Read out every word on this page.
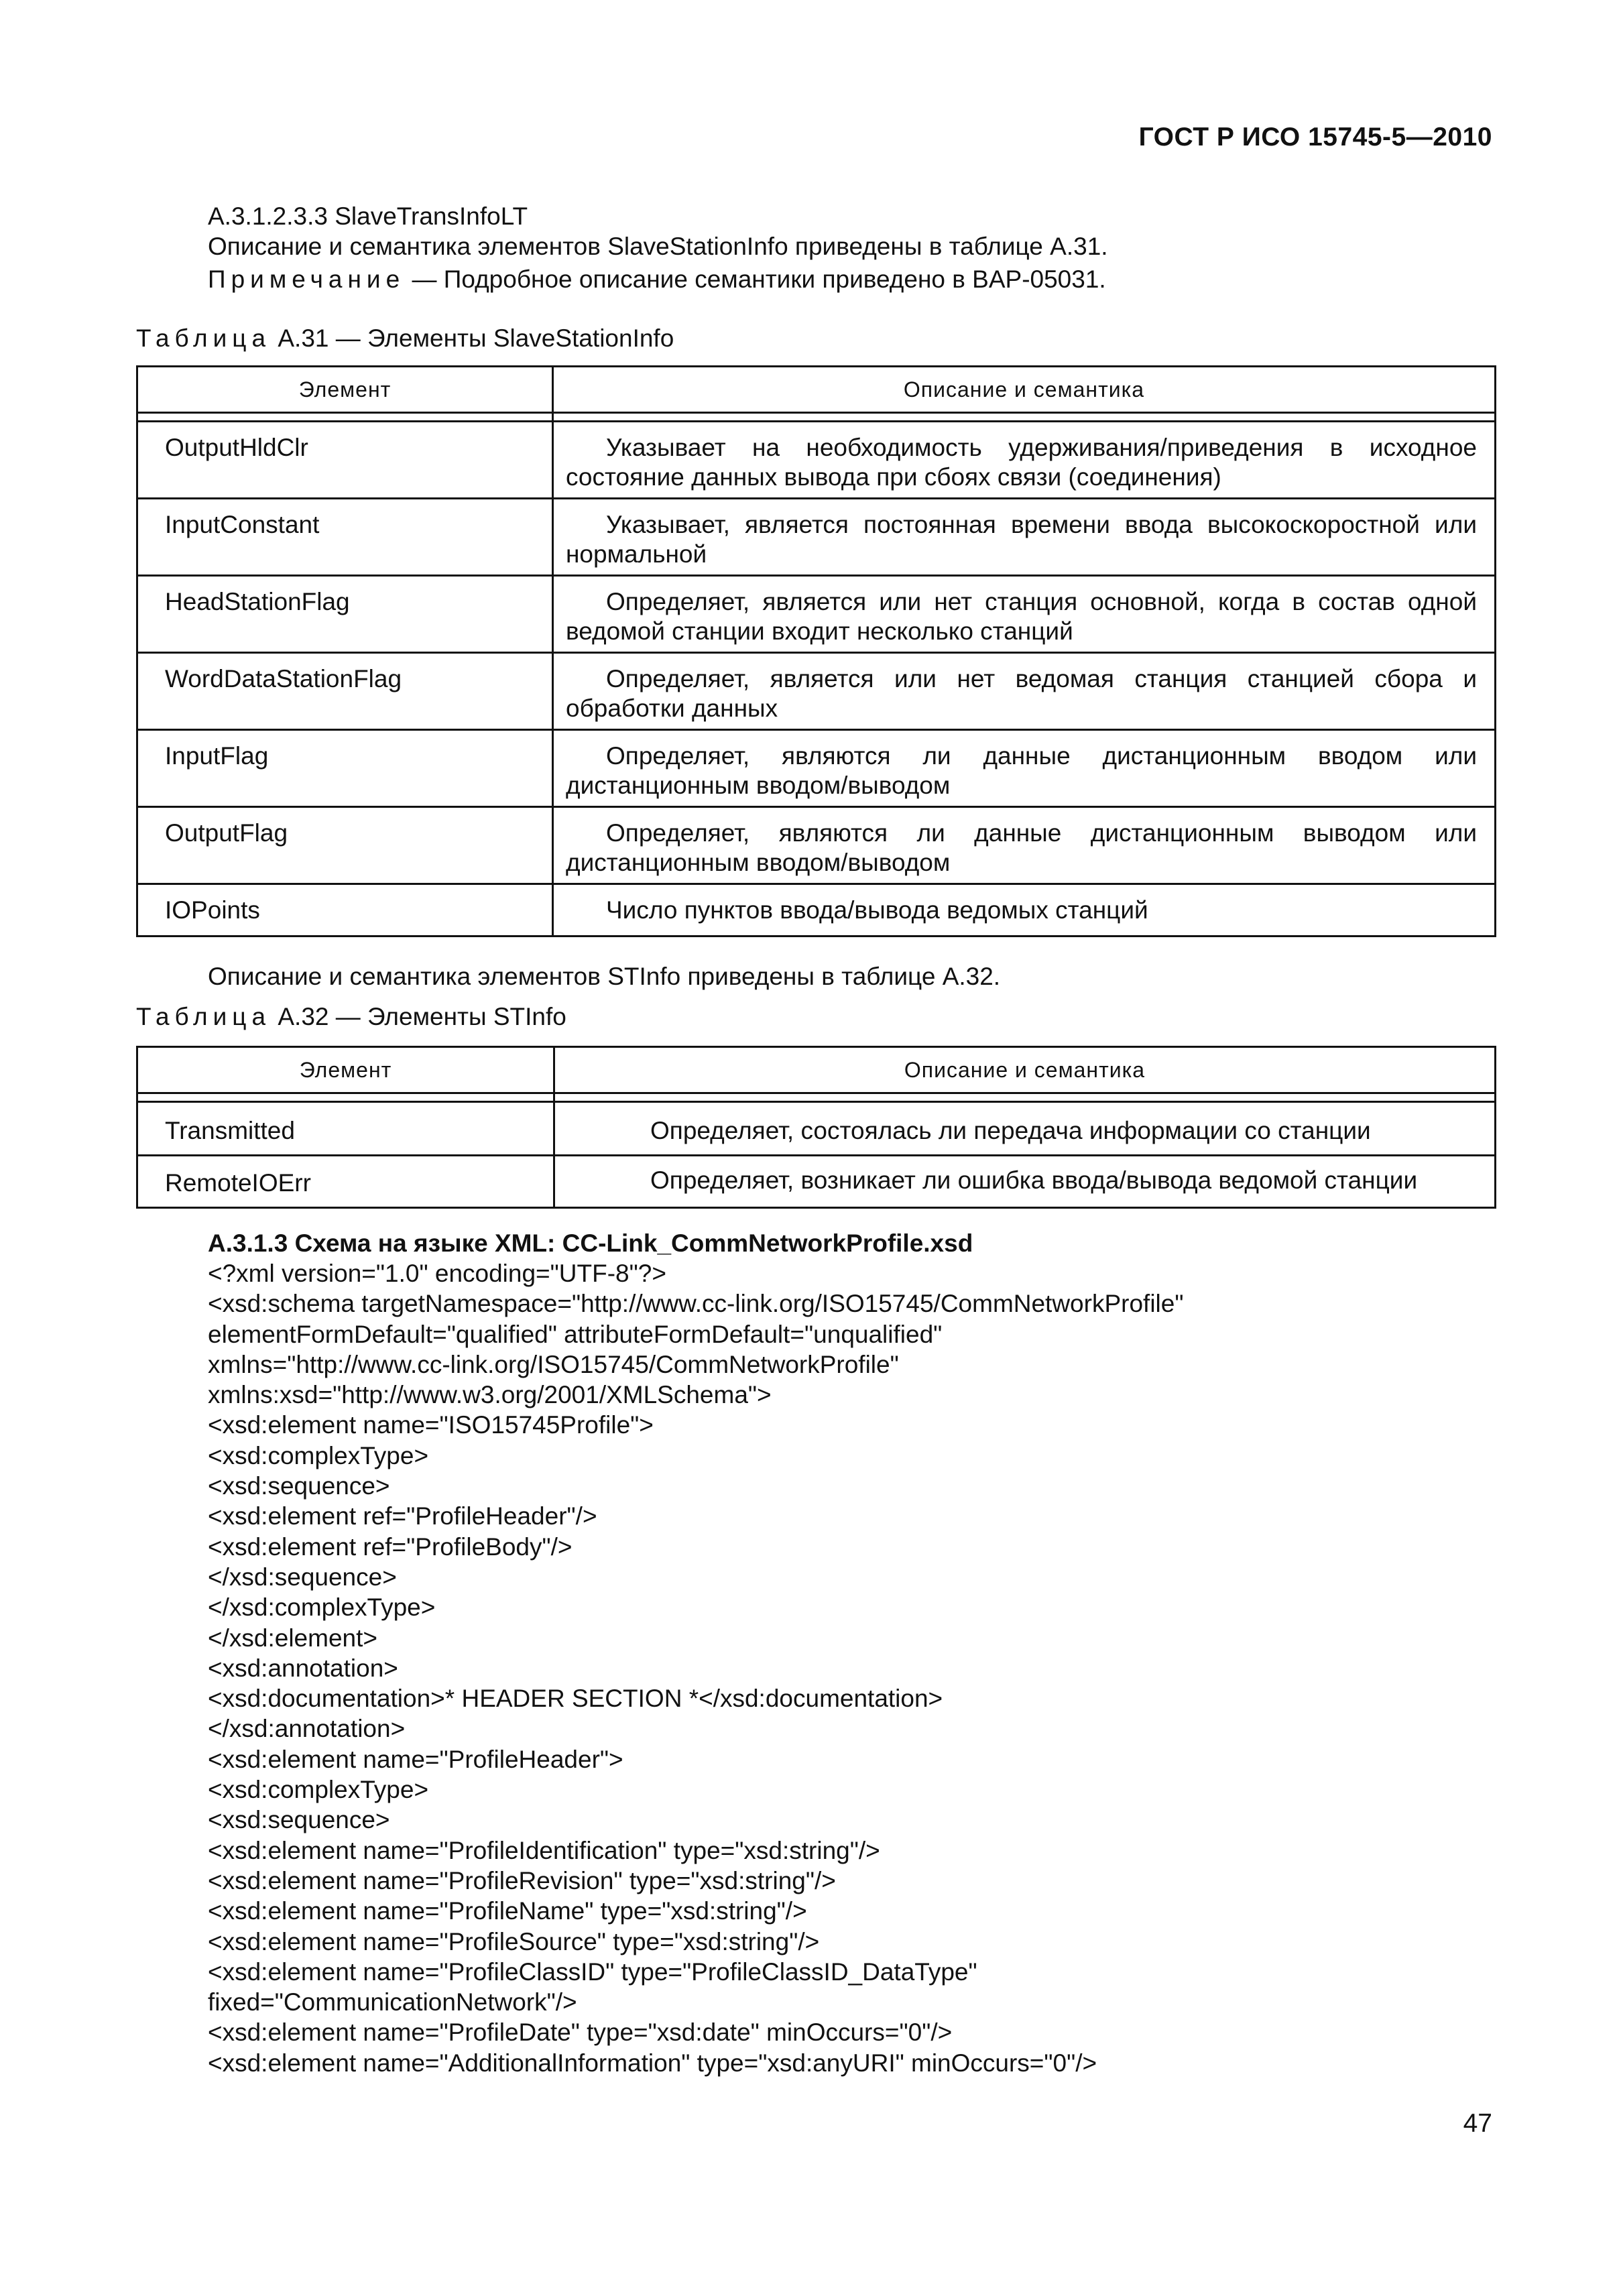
ГОСТ Р ИСО 15745-5—2010
А.3.1.2.3.3 SlaveTransInfoLT
Описание и семантика элементов SlaveStationInfo приведены в таблице А.31.
Примечание — Подробное описание семантики приведено в BAP-05031.
Таблица А.31 — Элементы SlaveStationInfo
Элемент	Описание и семантика

OutputHldClr	Указывает на необходимость удерживания/приведения в исходное состояние данных вывода при сбоях связи (соединения)
InputConstant	Указывает, является постоянная времени ввода высокоскоростной или нормальной
HeadStationFlag	Определяет, является или нет станция основной, когда в состав одной ведомой станции входит несколько станций
WordDataStationFlag	Определяет, является или нет ведомая станция станцией сбора и обработки данных
InputFlag	Определяет, являются ли данные дистанционным вводом или дистанционным вводом/выводом
OutputFlag	Определяет, являются ли данные дистанционным выводом или дистанционным вводом/выводом
IOPoints	Число пунктов ввода/вывода ведомых станций
Описание и семантика элементов STInfo приведены в таблице А.32.
Таблица А.32 — Элементы STInfo
Элемент	Описание и семантика

Transmitted	Определяет, состоялась ли передача информации со станции
RemoteIOErr	Определяет, возникает ли ошибка ввода/вывода ведомой станции
А.3.1.3 Схема на языке XML: CC-Link_CommNetworkProfile.xsd
<?xml version="1.0" encoding="UTF-8"?>
<xsd:schema targetNamespace="http://www.cc-link.org/ISO15745/CommNetworkProfile"
elementFormDefault="qualified" attributeFormDefault="unqualified"
xmlns="http://www.cc-link.org/ISO15745/CommNetworkProfile"
xmlns:xsd="http://www.w3.org/2001/XMLSchema">
<xsd:element name="ISO15745Profile">
<xsd:complexType>
<xsd:sequence>
<xsd:element ref="ProfileHeader"/>
<xsd:element ref="ProfileBody"/>
</xsd:sequence>
</xsd:complexType>
</xsd:element>
<xsd:annotation>
<xsd:documentation>* HEADER SECTION *</xsd:documentation>
</xsd:annotation>
<xsd:element name="ProfileHeader">
<xsd:complexType>
<xsd:sequence>
<xsd:element name="ProfileIdentification" type="xsd:string"/>
<xsd:element name="ProfileRevision" type="xsd:string"/>
<xsd:element name="ProfileName" type="xsd:string"/>
<xsd:element name="ProfileSource" type="xsd:string"/>
<xsd:element name="ProfileClassID" type="ProfileClassID_DataType"
fixed="CommunicationNetwork"/>
<xsd:element name="ProfileDate" type="xsd:date" minOccurs="0"/>
<xsd:element name="AdditionalInformation" type="xsd:anyURI" minOccurs="0"/>
47
